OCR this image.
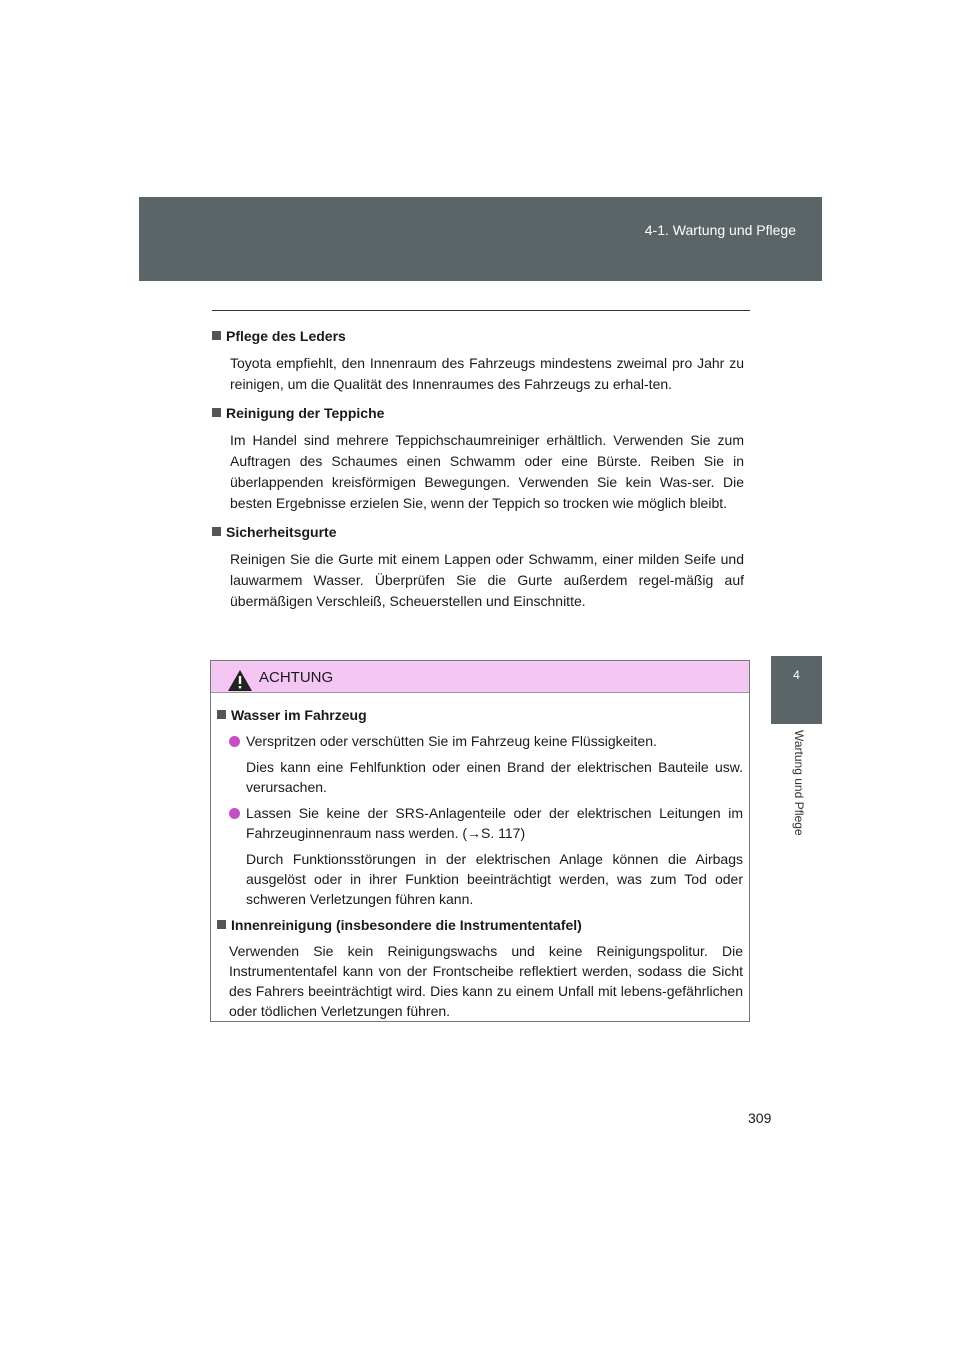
4-1. Wartung und Pflege
4
Wartung und Pflege

Pflege des Leders

Toyota empfiehlt, den Innenraum des Fahrzeugs mindestens zweimal pro Jahr zu reinigen, um die Qualität des Innenraumes des Fahrzeugs zu erhal-ten.

Reinigung der Teppiche

Im Handel sind mehrere Teppichschaumreiniger erhältlich. Verwenden Sie zum Auftragen des Schaumes einen Schwamm oder eine Bürste. Reiben Sie in überlappenden kreisförmigen Bewegungen. Verwenden Sie kein Was-ser. Die besten Ergebnisse erzielen Sie, wenn der Teppich so trocken wie möglich bleibt.

Sicherheitsgurte

Reinigen Sie die Gurte mit einem Lappen oder Schwamm, einer milden Seife und lauwarmem Wasser. Überprüfen Sie die Gurte außerdem regel-mäßig auf übermäßigen Verschleiß, Scheuerstellen und Einschnitte.

ACHTUNG

Wasser im Fahrzeug

Verspritzen oder verschütten Sie im Fahrzeug keine Flüssigkeiten.
Dies kann eine Fehlfunktion oder einen Brand der elektrischen Bauteile usw. verursachen.
Lassen Sie keine der SRS-Anlagenteile oder der elektrischen Leitungen im Fahrzeuginnenraum nass werden. (→S. 117)
Durch Funktionsstörungen in der elektrischen Anlage können die Airbags ausgelöst oder in ihrer Funktion beeinträchtigt werden, was zum Tod oder schweren Verletzungen führen kann.

Innenreinigung (insbesondere die Instrumententafel)

Verwenden Sie kein Reinigungswachs und keine Reinigungspolitur. Die Instrumententafel kann von der Frontscheibe reflektiert werden, sodass die Sicht des Fahrers beeinträchtigt wird. Dies kann zu einem Unfall mit lebens-gefährlichen oder tödlichen Verletzungen führen.
309
